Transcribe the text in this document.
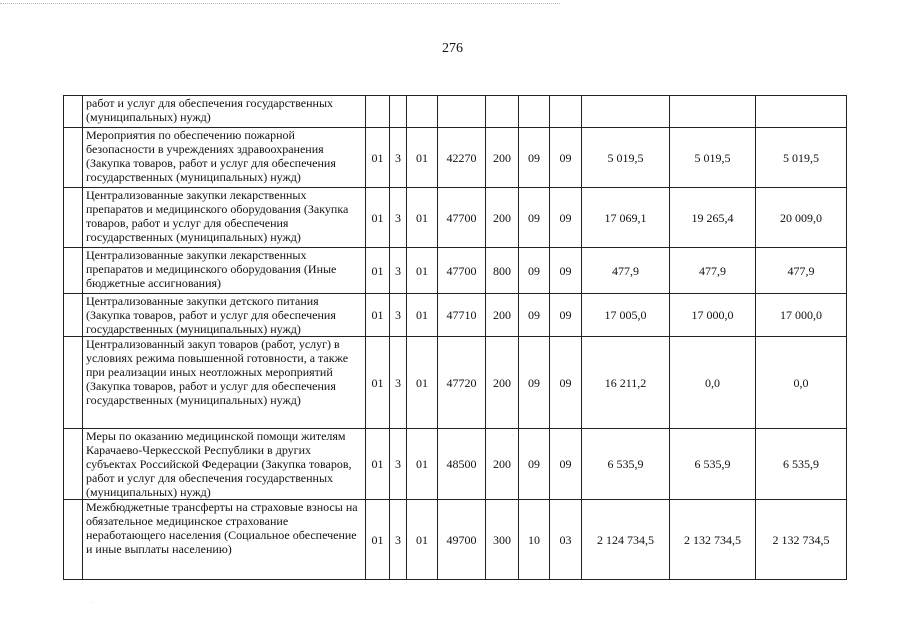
276
	работ и услуг для обеспечения государственных (муниципальных) нужд)										
	Мероприятия по обеспечению пожарной безопасности в учреждениях здравоохранения (Закупка товаров, работ и услуг для обеспечения государственных (муниципальных) нужд)	01	3	01	42270	200	09	09	5 019,5	5 019,5	5 019,5
	Централизованные закупки лекарственных препаратов и медицинского оборудования (Закупка товаров, работ и услуг для обеспечения государственных (муниципальных) нужд)	01	3	01	47700	200	09	09	17 069,1	19 265,4	20 009,0
	Централизованные закупки лекарственных препаратов и медицинского оборудования (Иные бюджетные ассигнования)	01	3	01	47700	800	09	09	477,9	477,9	477,9
	Централизованные закупки детского питания (Закупка товаров, работ и услуг для обеспечения государственных (муниципальных) нужд)	01	3	01	47710	200	09	09	17 005,0	17 000,0	17 000,0
	Централизованный закуп товаров (работ, услуг) в условиях режима повышенной готовности, а также при реализации иных неотложных мероприятий (Закупка товаров, работ и услуг для обеспечения государственных (муниципальных) нужд)	01	3	01	47720	200	09	09	16 211,2	0,0	0,0
	Меры по оказанию медицинской помощи жителям Карачаево-Черкесской Республики в других субъектах Российской Федерации (Закупка товаров, работ и услуг для обеспечения государственных (муниципальных) нужд)	01	3	01	48500	200	09	09	6 535,9	6 535,9	6 535,9
	Межбюджетные трансферты на страховые взносы на обязательное медицинское страхование неработающего населения (Социальное обеспечение и иные выплаты населению)	01	3	01	49700	300	10	03	2 124 734,5	2 132 734,5	2 132 734,5
·
·
